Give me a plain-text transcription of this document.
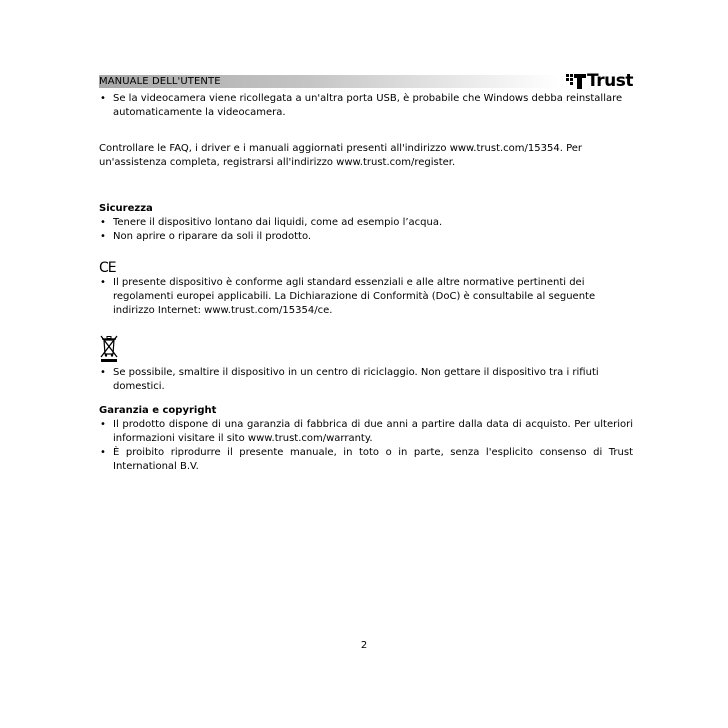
MANUALE DELL'UTENTE	Trust
• Se la videocamera viene ricollegata a un'altra porta USB, è probabile che Windows debba reinstallare automaticamente la videocamera.

Controllare le FAQ, i driver e i manuali aggiornati presenti all'indirizzo www.trust.com/15354. Per un'assistenza completa, registrarsi all'indirizzo www.trust.com/register.

Sicurezza

• Tenere il dispositivo lontano dai liquidi, come ad esempio l’acqua.
• Non aprire o riparare da soli il prodotto.
CE
• Il presente dispositivo è conforme agli standard essenziali e alle altre normative pertinenti dei regolamenti europei applicabili. La Dichiarazione di Conformità (DoC) è consultabile al seguente indirizzo Internet: www.trust.com/15354/ce.
• Se possibile, smaltire il dispositivo in un centro di riciclaggio. Non gettare il dispositivo tra i rifiuti domestici.

Garanzia e copyright

• Il prodotto dispone di una garanzia di fabbrica di due anni a partire dalla data di acquisto. Per ulteriori informazioni visitare il sito www.trust.com/warranty.
• È proibito riprodurre il presente manuale, in toto o in parte, senza l'esplicito consenso di Trust International B.V.
2
